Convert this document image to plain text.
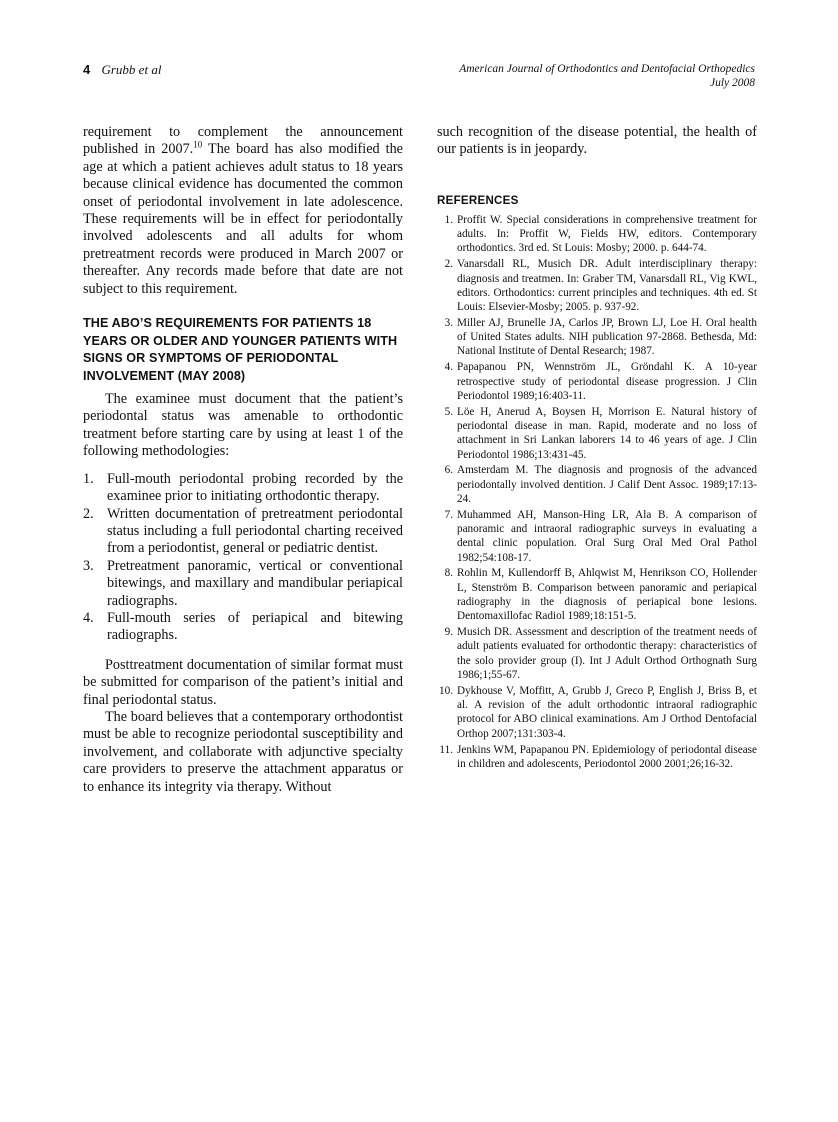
4 Grubb et al	American Journal of Orthodontics and Dentofacial Orthopedics
July 2008

requirement to complement the announcement published in 2007.10 The board has also modified the age at which a patient achieves adult status to 18 years because clinical evidence has documented the common onset of periodontal involvement in late adolescence. These requirements will be in effect for periodontally involved adolescents and all adults for whom pretreatment records were produced in March 2007 or thereafter. Any records made before that date are not subject to this requirement.

THE ABO’S REQUIREMENTS FOR PATIENTS 18 YEARS OR OLDER AND YOUNGER PATIENTS WITH SIGNS OR SYMPTOMS OF PERIODONTAL INVOLVEMENT (MAY 2008)

The examinee must document that the patient’s periodontal status was amenable to orthodontic treatment before starting care by using at least 1 of the following methodologies:

1. Full-mouth periodontal probing recorded by the examinee prior to initiating orthodontic therapy.
2. Written documentation of pretreatment periodontal status including a full periodontal charting received from a periodontist, general or pediatric dentist.
3. Pretreatment panoramic, vertical or conventional bitewings, and maxillary and mandibular periapical radiographs.
4. Full-mouth series of periapical and bitewing radiographs.

Posttreatment documentation of similar format must be submitted for comparison of the patient’s initial and final periodontal status.

The board believes that a contemporary orthodontist must be able to recognize periodontal susceptibility and involvement, and collaborate with adjunctive specialty care providers to preserve the attachment apparatus or to enhance its integrity via therapy. Without

such recognition of the disease potential, the health of our patients is in jeopardy.

REFERENCES
1. Proffit W. Special considerations in comprehensive treatment for adults. In: Proffit W, Fields HW, editors. Contemporary orthodontics. 3rd ed. St Louis: Mosby; 2000. p. 644-74.
2. Vanarsdall RL, Musich DR. Adult interdisciplinary therapy: diagnosis and treatmen. In: Graber TM, Vanarsdall RL, Vig KWL, editors. Orthodontics: current principles and techniques. 4th ed. St Louis: Elsevier-Mosby; 2005. p. 937-92.
3. Miller AJ, Brunelle JA, Carlos JP, Brown LJ, Loe H. Oral health of United States adults. NIH publication 97-2868. Bethesda, Md: National Institute of Dental Research; 1987.
4. Papapanou PN, Wennström JL, Gröndahl K. A 10-year retrospective study of periodontal disease progression. J Clin Periodontol 1989;16:403-11.
5. Löe H, Anerud A, Boysen H, Morrison E. Natural history of periodontal disease in man. Rapid, moderate and no loss of attachment in Sri Lankan laborers 14 to 46 years of age. J Clin Periodontol 1986;13:431-45.
6. Amsterdam M. The diagnosis and prognosis of the advanced periodontally involved dentition. J Calif Dent Assoc. 1989;17:13-24.
7. Muhammed AH, Manson-Hing LR, Ala B. A comparison of panoramic and intraoral radiographic surveys in evaluating a dental clinic population. Oral Surg Oral Med Oral Pathol 1982;54:108-17.
8. Rohlin M, Kullendorff B, Ahlqwist M, Henrikson CO, Hollender L, Stenström B. Comparison between panoramic and periapical radiography in the diagnosis of periapical bone lesions. Dentomaxillofac Radiol 1989;18:151-5.
9. Musich DR. Assessment and description of the treatment needs of adult patients evaluated for orthodontic therapy: characteristics of the solo provider group (I). Int J Adult Orthod Orthognath Surg 1986;1;55-67.
10. Dykhouse V, Moffitt, A, Grubb J, Greco P, English J, Briss B, et al. A revision of the adult orthodontic intraoral radiographic protocol for ABO clinical examinations. Am J Orthod Dentofacial Orthop 2007;131:303-4.
11. Jenkins WM, Papapanou PN. Epidemiology of periodontal disease in children and adolescents, Periodontol 2000 2001;26;16-32.
